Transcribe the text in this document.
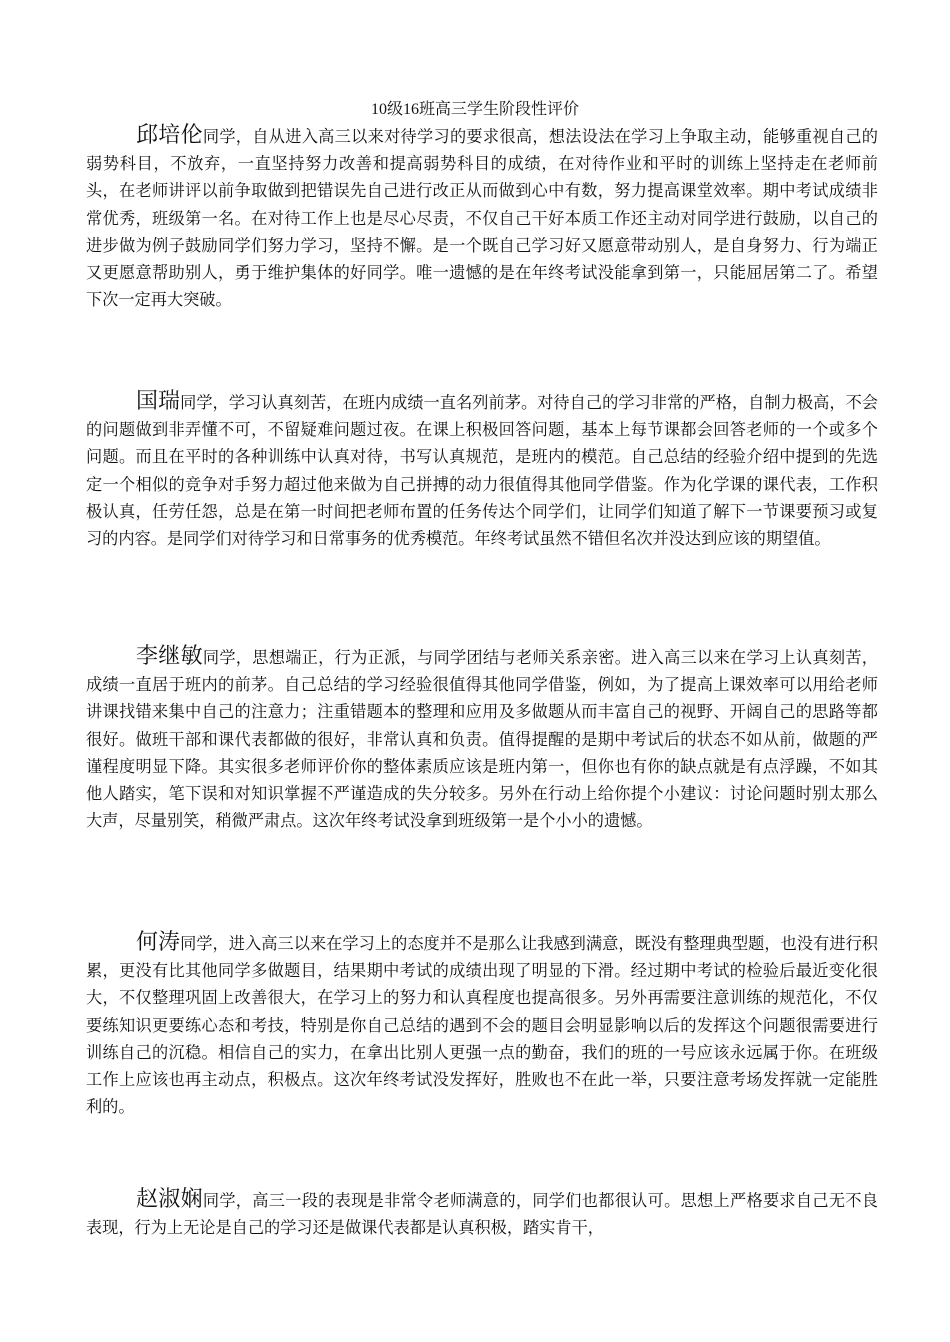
10级16班高三学生阶段性评价

邱培伦同学，自从进入高三以来对待学习的要求很高，想法设法在学习上争取主动，能够重视自己的弱势科目，不放弃，一直坚持努力改善和提高弱势科目的成绩，在对待作业和平时的训练上坚持走在老师前头，在老师讲评以前争取做到把错误先自己进行改正从而做到心中有数，努力提高课堂效率。期中考试成绩非常优秀，班级第一名。在对待工作上也是尽心尽责，不仅自己干好本质工作还主动对同学进行鼓励，以自己的进步做为例子鼓励同学们努力学习，坚持不懈。是一个既自己学习好又愿意带动别人，是自身努力、行为端正又更愿意帮助别人，勇于维护集体的好同学。唯一遗憾的是在年终考试没能拿到第一，只能屈居第二了。希望下次一定再大突破。

国瑞同学，学习认真刻苦，在班内成绩一直名列前茅。对待自己的学习非常的严格，自制力极高，不会的问题做到非弄懂不可，不留疑难问题过夜。在课上积极回答问题，基本上每节课都会回答老师的一个或多个问题。而且在平时的各种训练中认真对待，书写认真规范，是班内的模范。自己总结的经验介绍中提到的先选定一个相似的竞争对手努力超过他来做为自己拼搏的动力很值得其他同学借鉴。作为化学课的课代表，工作积极认真，任劳任怨，总是在第一时间把老师布置的任务传达个同学们，让同学们知道了解下一节课要预习或复习的内容。是同学们对待学习和日常事务的优秀模范。年终考试虽然不错但名次并没达到应该的期望值。

李继敏同学，思想端正，行为正派，与同学团结与老师关系亲密。进入高三以来在学习上认真刻苦，成绩一直居于班内的前茅。自己总结的学习经验很值得其他同学借鉴，例如，为了提高上课效率可以用给老师讲课找错来集中自己的注意力；注重错题本的整理和应用及多做题从而丰富自己的视野、开阔自己的思路等都很好。做班干部和课代表都做的很好，非常认真和负责。值得提醒的是期中考试后的状态不如从前，做题的严谨程度明显下降。其实很多老师评价你的整体素质应该是班内第一，但你也有你的缺点就是有点浮躁，不如其他人踏实，笔下误和对知识掌握不严谨造成的失分较多。另外在行动上给你提个小建议：讨论问题时别太那么大声，尽量别笑，稍微严肃点。这次年终考试没拿到班级第一是个小小的遗憾。

何涛同学，进入高三以来在学习上的态度并不是那么让我感到满意，既没有整理典型题，也没有进行积累，更没有比其他同学多做题目，结果期中考试的成绩出现了明显的下滑。经过期中考试的检验后最近变化很大，不仅整理巩固上改善很大，在学习上的努力和认真程度也提高很多。另外再需要注意训练的规范化，不仅要练知识更要练心态和考技，特别是你自己总结的遇到不会的题目会明显影响以后的发挥这个问题很需要进行训练自己的沉稳。相信自己的实力，在拿出比别人更强一点的勤奋，我们的班的一号应该永远属于你。在班级工作上应该也再主动点，积极点。这次年终考试没发挥好，胜败也不在此一举，只要注意考场发挥就一定能胜利的。

赵淑娴同学，高三一段的表现是非常令老师满意的，同学们也都很认可。思想上严格要求自己无不良表现，行为上无论是自己的学习还是做课代表都是认真积极，踏实肯干，
